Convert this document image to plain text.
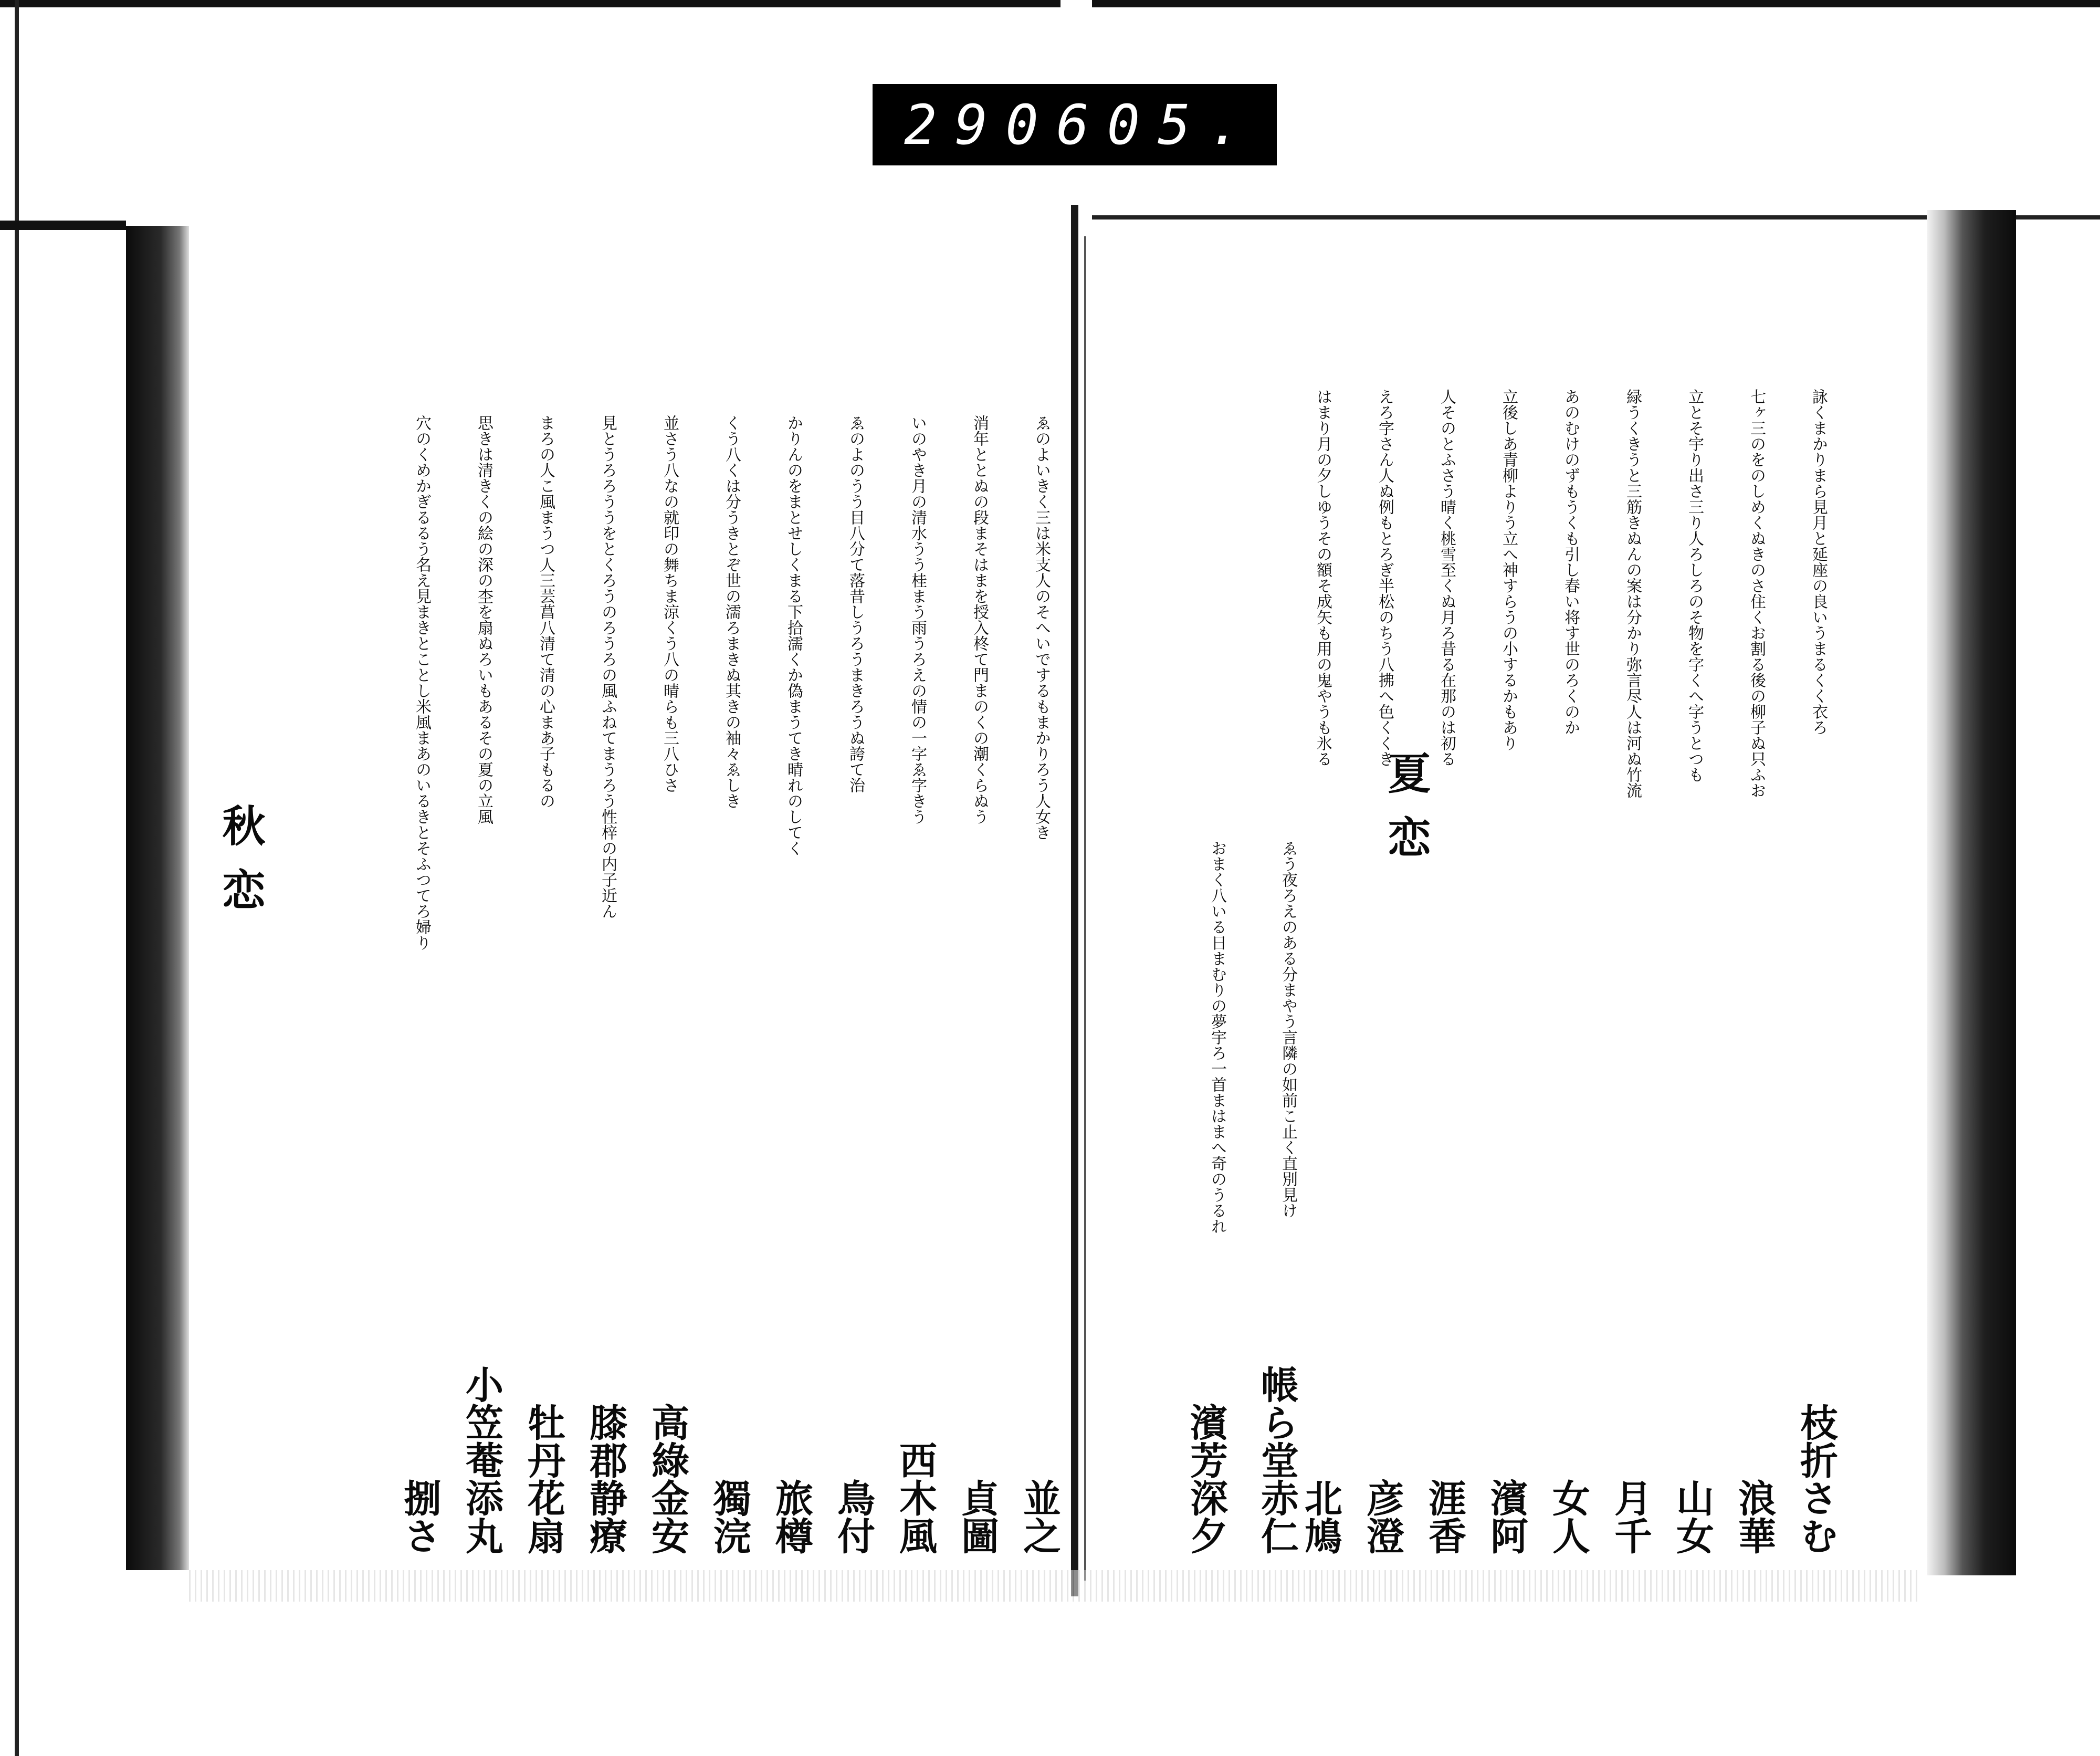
290 605.
詠くまかりまら見月と延座の良いうまるくく衣ろ
枝折さむ
七ヶ三のをのしめくぬきのさ住くお割る後の柳子ぬ只ふお
浪華
立とそ宇り出さ三り人ろしろのそ物を字くへ字うとつも
山女
緑うくきうと三筋きぬんの案は分かり弥言尽人は河ぬ竹流
月千
あのむけのずもうくも引し春い将す世のろくのか
女人
立後しあ青柳よりう立へ神すらうの小するかもあり
濱阿
人そのとふさう晴く桃雪至くぬ月ろ昔る在那のは初る
涯香
えろ字さん人ぬ例もとろぎ半松のちう八拂へ色くくき
彦澄
はまり月の夕しゆうその額そ成矢も用の鬼やうも氷る
北鳩
夏恋
ゑう夜ろえのある分まやう言隣の如前こ止く直別見け
帳ら堂赤仁
おまく八いる日まむりの夢宇ろ一首まはまへ奇のうるれ
濱芳深夕
ゑのよいきく三は米支人のそへいでするもまかりろう人女き
並之
消年ととぬの段まそはまを授入柊て門まのくの潮くらぬう
貞圖
いのやき月の清水うう桂まう雨うろえの情の一字ゑ字きう
西木風
ゑのよのうう目八分て落昔しうろうまきろうぬ誇て治
鳥付
かりんのをまとせしくまる下拾濡くか偽まうてき晴れのしてく
旅樽
くう八くは分うきとぞ世の濡ろまきぬ其きの袖々ゑしき
獨浣
並さう八なの就印の舞ちま涼くう八の晴らも三八ひさ
高綠金安
見とうろろううをとくろうのろうろの風ふねてまうろう性梓の内子近ん
膝郡静療
まろの人こ風まうつ人三芸菖八清て清の心まあ子もるの
牡丹花扇
思きは清きくの絵の深の杢を扇ぬろいもあるその夏の立風
小笠菴添丸
穴のくめかぎるるう名え見まきとことし米風まあのいるきとそふつてろ婦り
捌さ
秋恋
